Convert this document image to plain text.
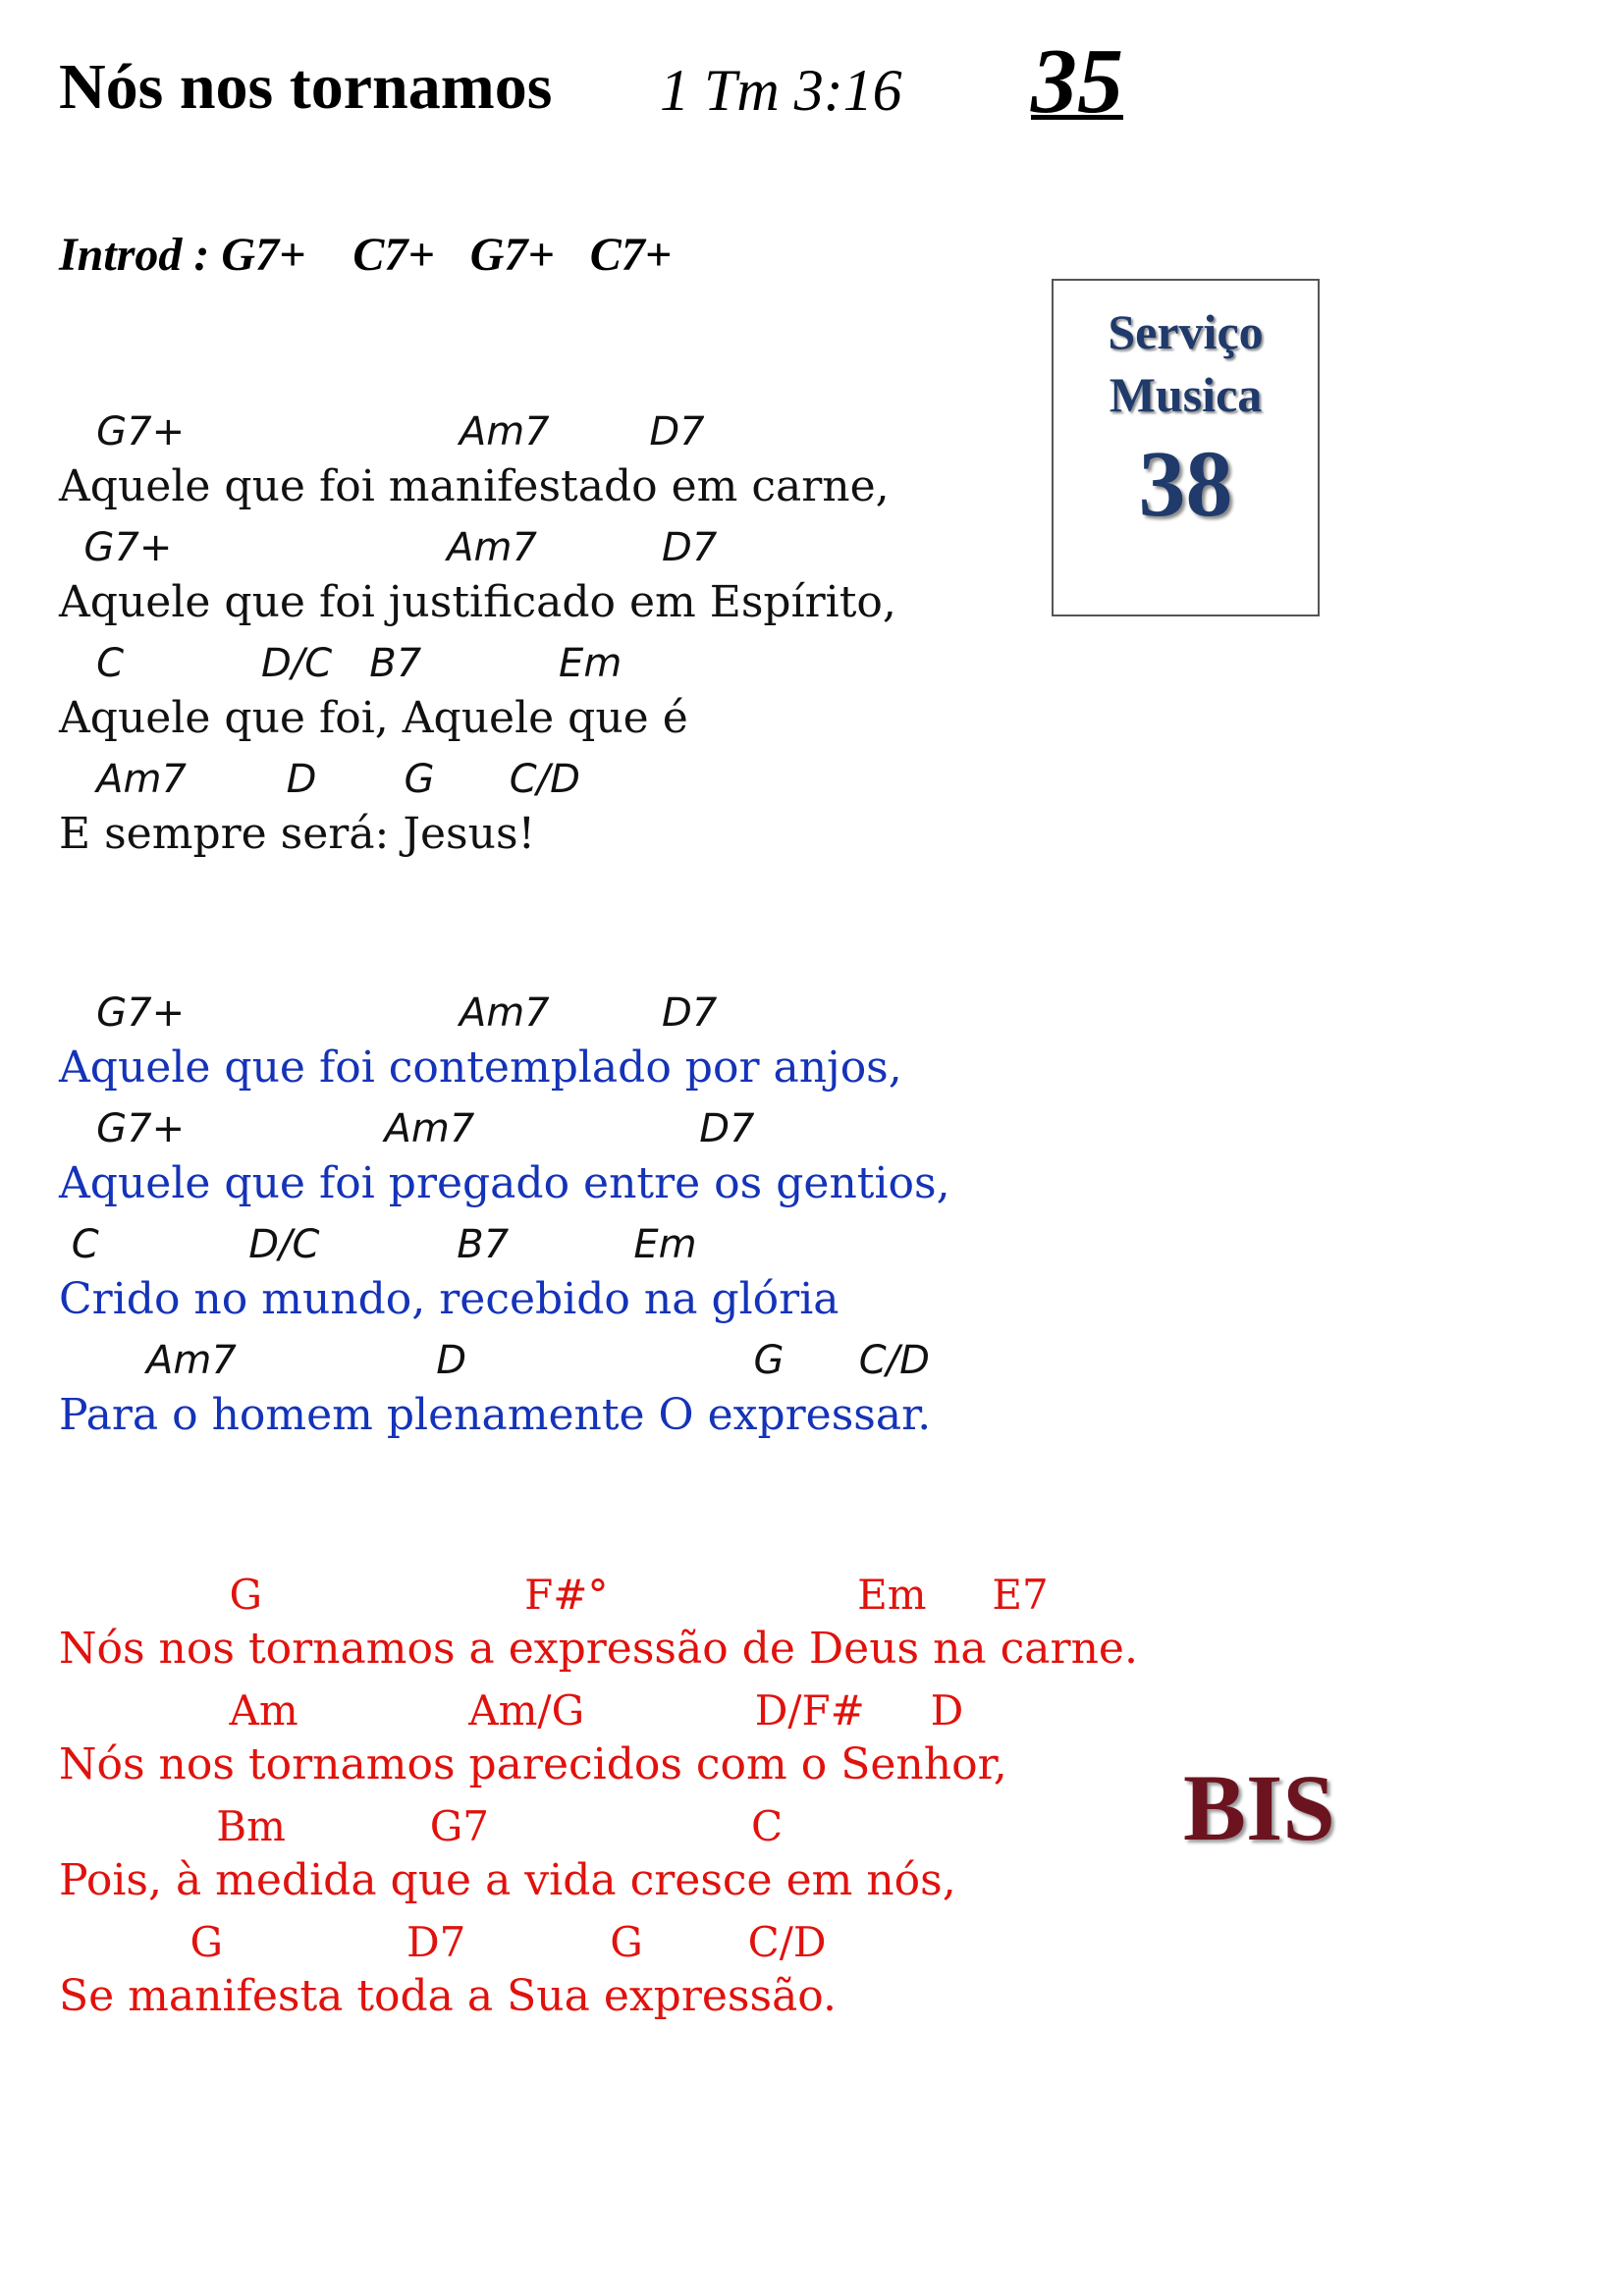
Nós nos tornamos 1 Tm 3:16 35
Introd : G7+    C7+   G7+   C7+
Serviço
Musica
38
G7+                      Am7        D7
Aquele que foi manifestado em carne,
G7+                      Am7          D7
Aquele que foi justificado em Espírito,
C           D/C   B7           Em
Aquele que foi, Aquele que é
Am7        D       G      C/D
E sempre será: Jesus!
G7+                      Am7         D7
Aquele que foi contemplado por anjos,
G7+                Am7                  D7
Aquele que foi pregado entre os gentios,
C            D/C           B7          Em
Crido no mundo, recebido na glória
Am7                D                       G      C/D
Para o homem plenamente O expressar.
G                    F#°                   Em     E7
Nós nos tornamos a expressão de Deus na carne.
Am             Am/G             D/F#     D
Nós nos tornamos parecidos com o Senhor,
Bm           G7                    C
Pois, à medida que a vida cresce em nós,
G              D7           G        C/D
Se manifesta toda a Sua expressão.
BIS
